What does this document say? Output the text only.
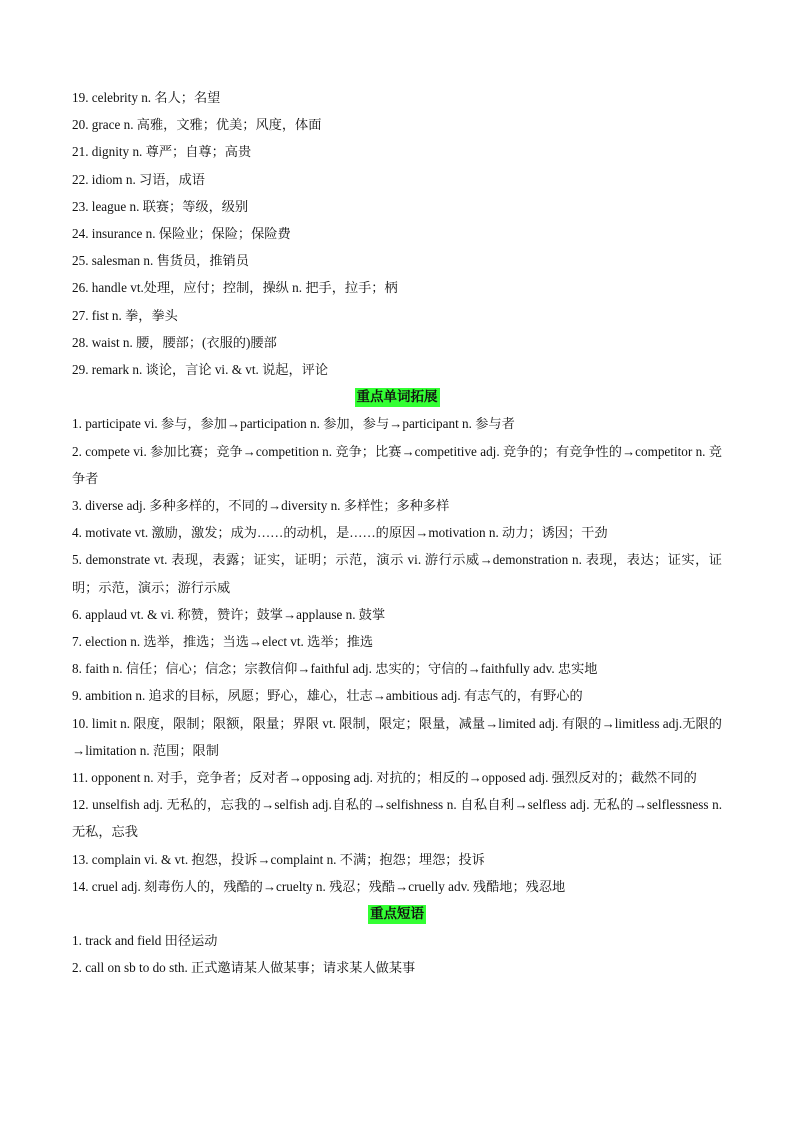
19. celebrity n. 名人；名望
20. grace n. 高雅，文雅；优美；风度，体面
21. dignity n. 尊严；自尊；高贵
22. idiom n. 习语，成语
23. league n. 联赛；等级，级别
24. insurance n. 保险业；保险；保险费
25. salesman n. 售货员，推销员
26. handle vt.处理，应付；控制，操纵 n. 把手，拉手；柄
27. fist n. 拳，拳头
28. waist n. 腰，腰部；(衣服的)腰部
29. remark n. 谈论，言论 vi. & vt. 说起，评论
重点单词拓展
1. participate vi. 参与，参加→participation n. 参加，参与→participant n. 参与者
2. compete vi. 参加比赛；竞争→competition n. 竞争；比赛→competitive adj. 竞争的；有竞争性的→competitor n. 竞争者
3. diverse adj. 多种多样的，不同的→diversity n. 多样性；多种多样
4. motivate vt. 激励，激发；成为……的动机，是……的原因→motivation n. 动力；诱因；干劲
5. demonstrate vt. 表现，表露；证实，证明；示范，演示 vi. 游行示威→demonstration n. 表现，表达；证实，证明；示范，演示；游行示威
6. applaud vt. & vi. 称赞，赞许；鼓掌→applause n. 鼓掌
7. election n. 选举，推选；当选→elect vt. 选举；推选
8. faith n. 信任；信心；信念；宗教信仰→faithful adj. 忠实的；守信的→faithfully adv. 忠实地
9. ambition n. 追求的目标，夙愿；野心，雄心，壮志→ambitious adj. 有志气的，有野心的
10. limit n. 限度，限制；限额，限量；界限 vt. 限制，限定；限量，减量→limited adj. 有限的→limitless adj.无限的→limitation n. 范围；限制
11. opponent n. 对手，竞争者；反对者→opposing adj. 对抗的；相反的→opposed adj. 强烈反对的；截然不同的
12. unselfish adj. 无私的，忘我的→selfish adj.自私的→selfishness n. 自私自利→selfless adj. 无私的→selflessness n. 无私，忘我
13. complain vi. & vt. 抱怨，投诉→complaint n. 不满；抱怨；埋怨；投诉
14. cruel adj. 刻毒伤人的，残酷的→cruelty n. 残忍；残酷→cruelly adv. 残酷地；残忍地
重点短语
1. track and field 田径运动
2. call on sb to do sth. 正式邀请某人做某事；请求某人做某事
